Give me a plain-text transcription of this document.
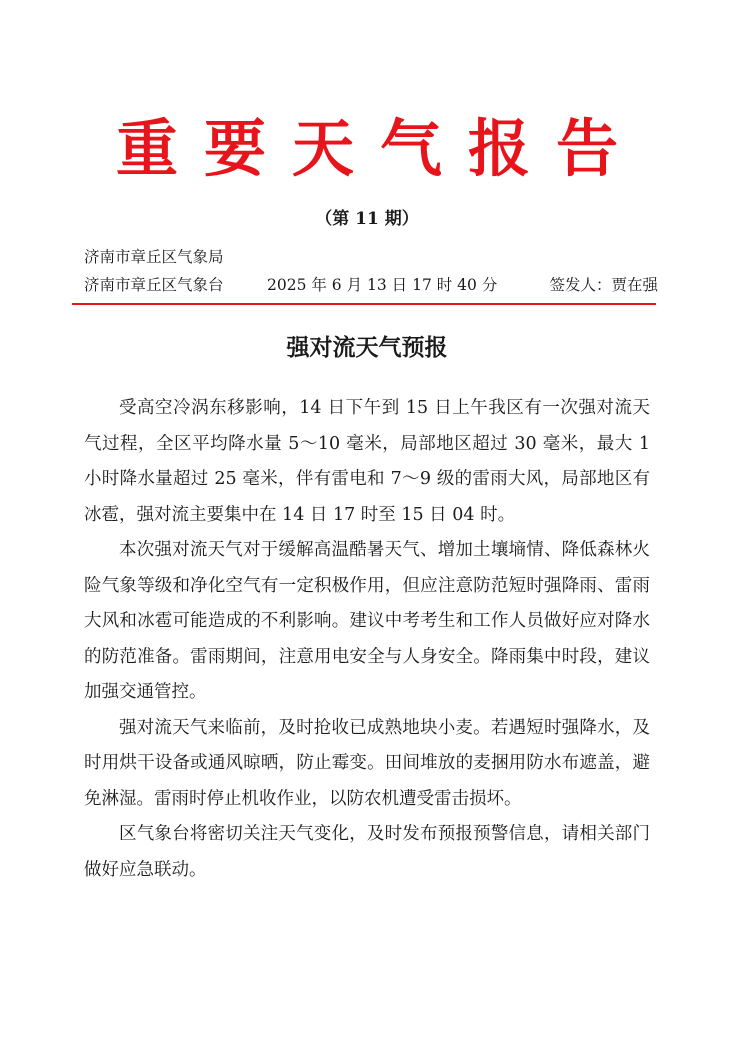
重要天气报告
（第 11 期）
济南市章丘区气象局
济南市章丘区气象台	2025 年 6 月 13 日 17 时 40 分	签发人：贾在强
强对流天气预报

受高空冷涡东移影响，14 日下午到 15 日上午我区有一次强对流天气过程，全区平均降水量 5～10 毫米，局部地区超过 30 毫米，最大 1 小时降水量超过 25 毫米，伴有雷电和 7～9 级的雷雨大风，局部地区有冰雹，强对流主要集中在 14 日 17 时至 15 日 04 时。

本次强对流天气对于缓解高温酷暑天气、增加土壤墒情、降低森林火险气象等级和净化空气有一定积极作用，但应注意防范短时强降雨、雷雨大风和冰雹可能造成的不利影响。建议中考考生和工作人员做好应对降水的防范准备。雷雨期间，注意用电安全与人身安全。降雨集中时段，建议加强交通管控。

强对流天气来临前，及时抢收已成熟地块小麦。若遇短时强降水，及时用烘干设备或通风晾晒，防止霉变。田间堆放的麦捆用防水布遮盖，避免淋湿。雷雨时停止机收作业，以防农机遭受雷击损坏。

区气象台将密切关注天气变化，及时发布预报预警信息，请相关部门做好应急联动。
